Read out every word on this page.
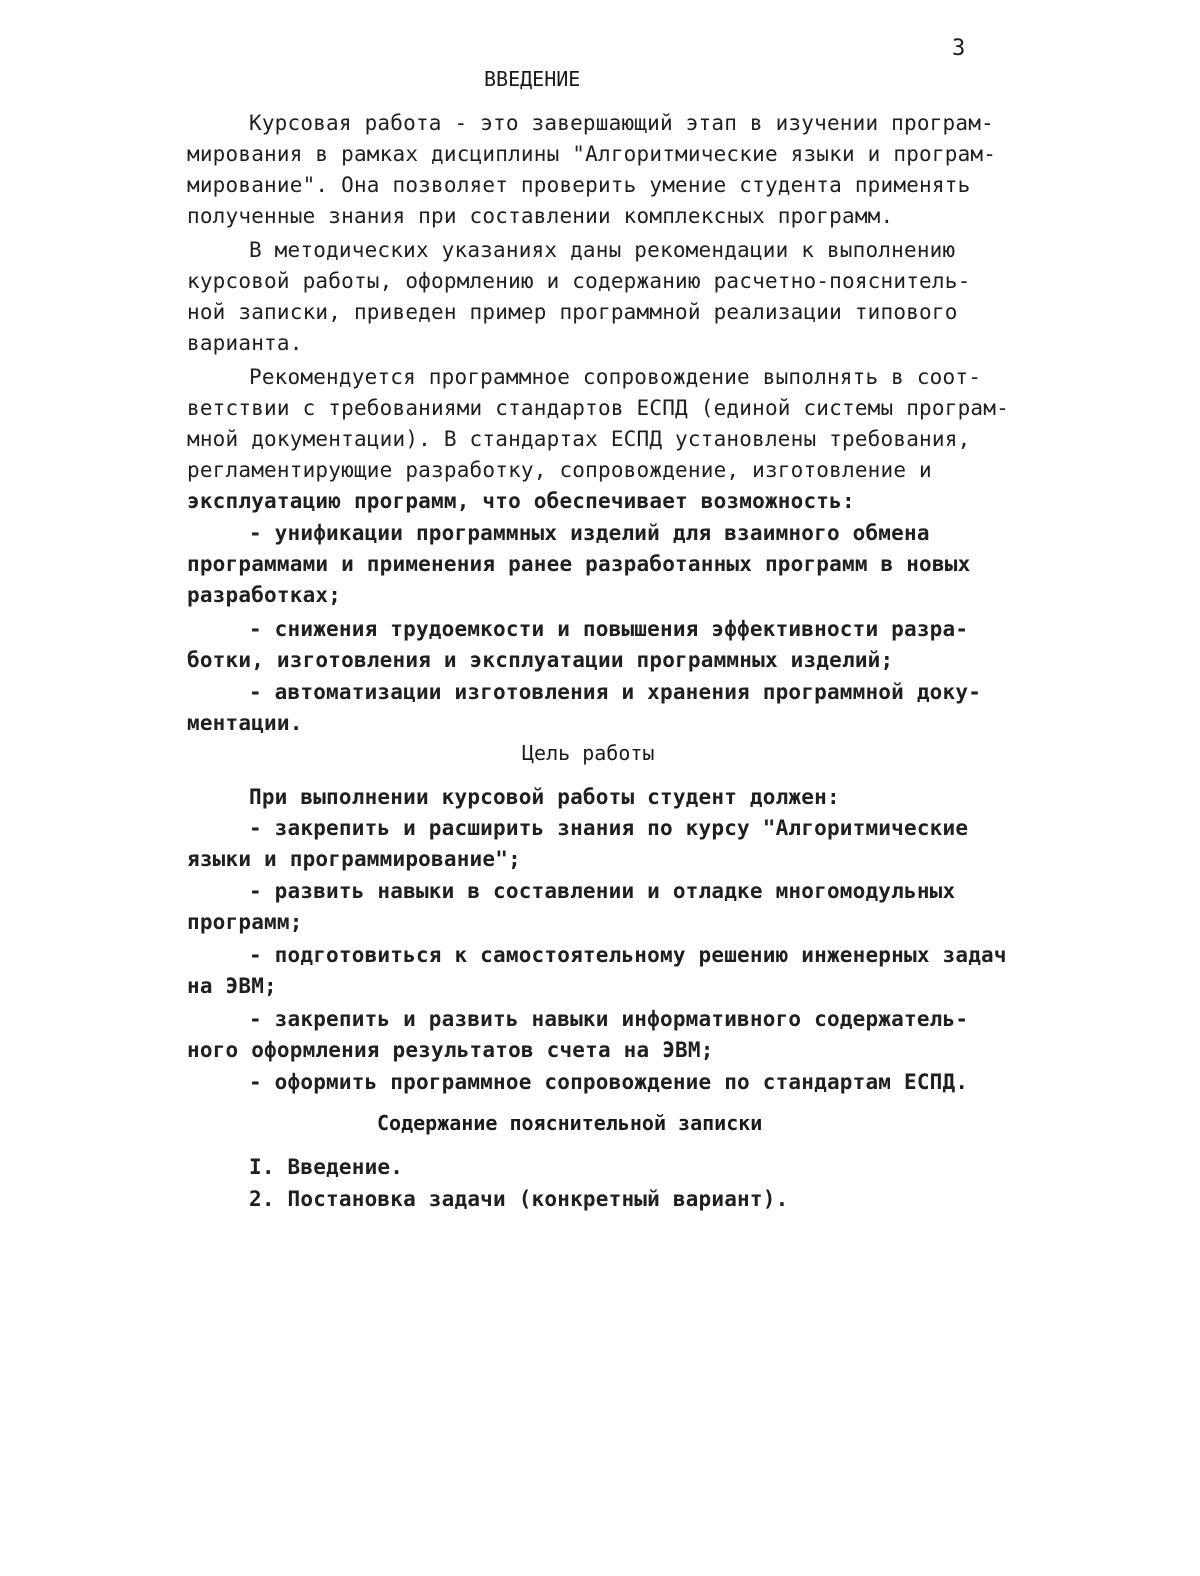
3
ВВЕДЕНИЕ
Курсовая работа - это завершающий этап в изучении програм-
мирования в рамках дисциплины "Алгоритмические языки и програм-
мирование". Она позволяет проверить умение студента применять
полученные знания при составлении комплексных программ.
В методических указаниях даны рекомендации к выполнению
курсовой работы, оформлению и содержанию расчетно-пояснитель-
ной записки, приведен пример программной реализации типового
варианта.
Рекомендуется программное сопровождение выполнять в соот-
ветствии с требованиями стандартов ЕСПД (единой системы програм-
мной документации). В стандартах ЕСПД установлены требования,
регламентирующие разработку, сопровождение, изготовление и
эксплуатацию программ, что обеспечивает возможность:
- унификации программных изделий для взаимного обмена
программами и применения ранее разработанных программ в новых
разработках;
- снижения трудоемкости и повышения эффективности разра-
ботки, изготовления и эксплуатации программных изделий;
- автоматизации изготовления и хранения программной доку-
ментации.
Цель работы
При выполнении курсовой работы студент должен:
- закрепить и расширить знания по курсу "Алгоритмические
языки и программирование";
- развить навыки в составлении и отладке многомодульных
программ;
- подготовиться к самостоятельному решению инженерных задач
на ЭВМ;
- закрепить и развить навыки информативного содержатель-
ного оформления результатов счета на ЭВМ;
- оформить программное сопровождение по стандартам ЕСПД.
Содержание пояснительной записки
I. Введение.
2. Постановка задачи (конкретный вариант).
